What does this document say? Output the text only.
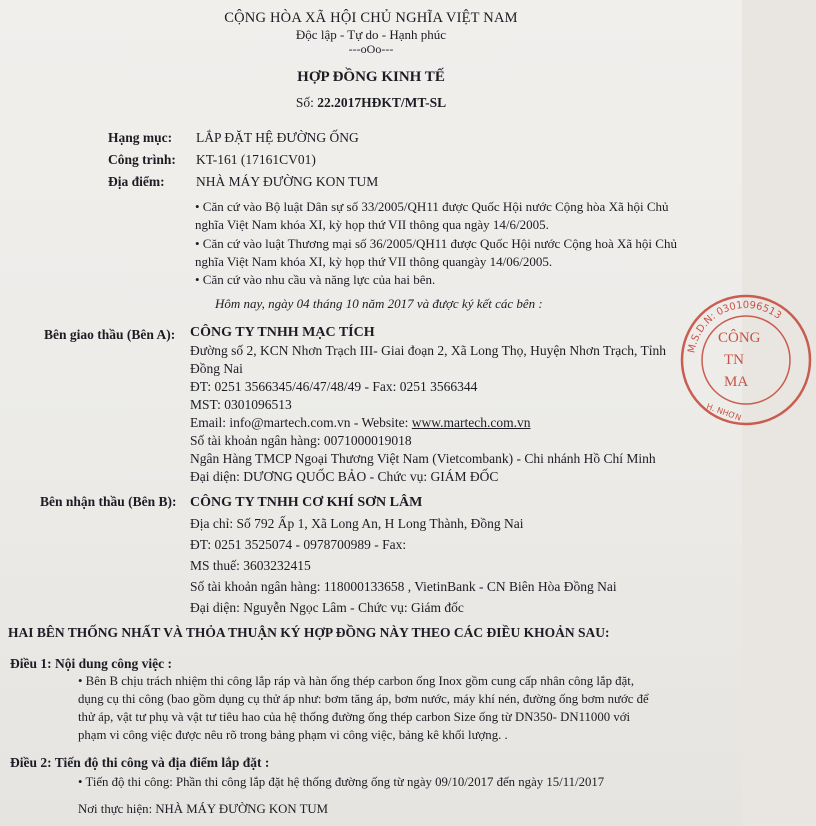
CỘNG HÒA XÃ HỘI CHỦ NGHĨA VIỆT NAM
Độc lập - Tự do - Hạnh phúc
---oOo---
HỢP ĐỒNG KINH TẾ
Số: 22.2017HĐKT/MT-SL
Hạng mục: LẮP ĐẶT HỆ ĐƯỜNG ỐNG
Công trình: KT-161 (17161CV01)
Địa điểm: NHÀ MÁY ĐƯỜNG KON TUM
• Căn cứ vào Bộ luật Dân sự số 33/2005/QH11 được Quốc Hội nước Cộng hòa Xã hội Chủ
nghĩa Việt Nam khóa XI, kỳ họp thứ VII thông qua ngày 14/6/2005.
• Căn cứ vào luật Thương mại số 36/2005/QH11 được Quốc Hội nước Cộng hoà Xã hội Chủ
nghĩa Việt Nam khóa XI, kỳ họp thứ VII thông quangày 14/06/2005.
• Căn cứ vào nhu cầu và năng lực của hai bên.
Hôm nay, ngày 04 tháng 10 năm 2017 và được ký kết các bên :
Bên giao thầu (Bên A): CÔNG TY TNHH MẠC TÍCH
Đường số 2, KCN Nhơn Trạch III- Giai đoạn 2, Xã Long Thọ, Huyện Nhơn Trạch, Tỉnh
Đồng Nai
ĐT: 0251 3566345/46/47/48/49 - Fax: 0251 3566344
MST: 0301096513
Email: info@martech.com.vn - Website: www.martech.com.vn
Số tài khoản ngân hàng: 0071000019018
Ngân Hàng TMCP Ngoại Thương Việt Nam (Vietcombank) - Chi nhánh Hồ Chí Minh
Đại diện: DƯƠNG QUỐC BẢO - Chức vụ: GIÁM ĐỐC
Bên nhận thầu (Bên B): CÔNG TY TNHH CƠ KHÍ SƠN LÂM
Địa chỉ: Số 792 Ấp 1, Xã Long An, H Long Thành, Đồng Nai
ĐT: 0251 3525074 - 0978700989 - Fax:
MS thuế: 3603232415
Số tài khoản ngân hàng: 118000133658 , VietinBank - CN Biên Hòa Đồng Nai
Đại diện: Nguyễn Ngọc Lâm - Chức vụ: Giám đốc
HAI BÊN THỐNG NHẤT VÀ THỎA THUẬN KÝ HỢP ĐỒNG NÀY THEO CÁC ĐIỀU KHOẢN SAU:
Điều 1: Nội dung công việc :
• Bên B chịu trách nhiệm thi công lắp ráp và hàn ống thép carbon ống Inox gồm cung cấp nhân công lắp đặt,
dụng cụ thi công (bao gồm dụng cụ thử áp như: bơm tăng áp, bơm nước, máy khí nén, đường ống bơm nước để
thử áp, vật tư phụ và vật tư tiêu hao của hệ thống đường ống thép carbon Size ống từ DN350- DN11000 với
phạm vi công việc được nêu rõ trong bảng phạm vi công việc, bảng kê khối lượng. .
Điều 2: Tiến độ thi công và địa điểm lắp đặt :
• Tiến độ thi công: Phần thi công lắp đặt hệ thống đường ống từ ngày 09/10/2017 đến ngày 15/11/2017
Nơi thực hiện: NHÀ MÁY ĐƯỜNG KON TUM
M.S.D.N: 0301096513
CÔNG
TN
MA
H. NHƠN
